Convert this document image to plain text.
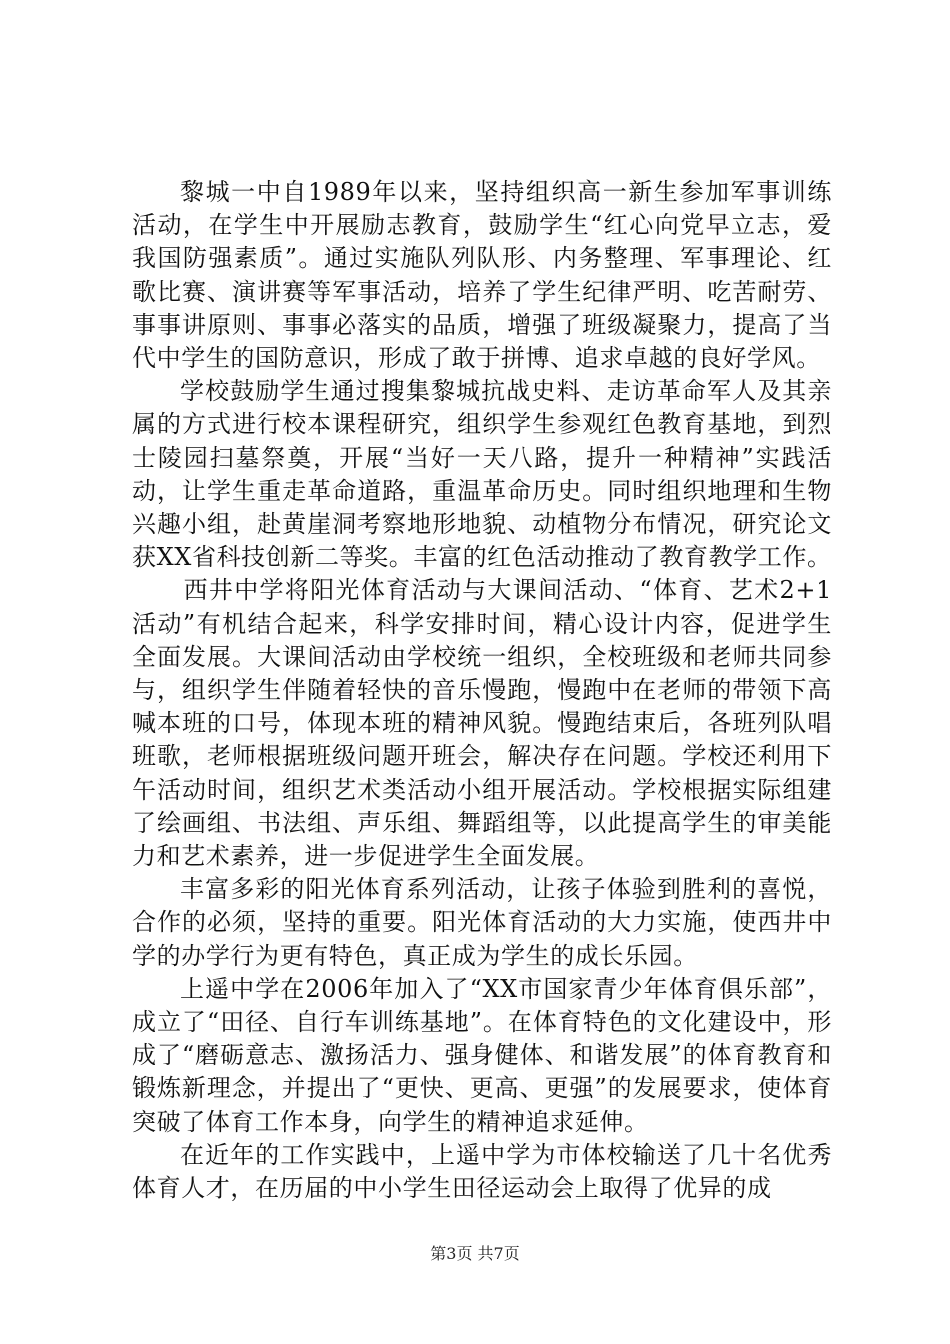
黎城一中自1989年以来，坚持组织高一新生参加军事训练活动，在学生中开展励志教育，鼓励学生“红心向党早立志，爱我国防强素质”。通过实施队列队形、内务整理、军事理论、红歌比赛、演讲赛等军事活动，培养了学生纪律严明、吃苦耐劳、事事讲原则、事事必落实的品质，增强了班级凝聚力，提高了当代中学生的国防意识，形成了敢于拼博、追求卓越的良好学风。

学校鼓励学生通过搜集黎城抗战史料、走访革命军人及其亲属的方式进行校本课程研究，组织学生参观红色教育基地，到烈士陵园扫墓祭奠，开展“当好一天八路，提升一种精神”实践活动，让学生重走革命道路，重温革命历史。同时组织地理和生物兴趣小组，赴黄崖洞考察地形地貌、动植物分布情况，研究论文获XX省科技创新二等奖。丰富的红色活动推动了教育教学工作。

西井中学将阳光体育活动与大课间活动、“体育、艺术2+1活动”有机结合起来，科学安排时间，精心设计内容，促进学生全面发展。大课间活动由学校统一组织，全校班级和老师共同参与，组织学生伴随着轻快的音乐慢跑，慢跑中在老师的带领下高喊本班的口号，体现本班的精神风貌。慢跑结束后，各班列队唱班歌，老师根据班级问题开班会，解决存在问题。学校还利用下午活动时间，组织艺术类活动小组开展活动。学校根据实际组建了绘画组、书法组、声乐组、舞蹈组等，以此提高学生的审美能力和艺术素养，进一步促进学生全面发展。

丰富多彩的阳光体育系列活动，让孩子体验到胜利的喜悦，合作的必须，坚持的重要。阳光体育活动的大力实施，使西井中学的办学行为更有特色，真正成为学生的成长乐园。

上遥中学在2006年加入了“XX市国家青少年体育俱乐部”，成立了“田径、自行车训练基地”。在体育特色的文化建设中，形成了“磨砺意志、激扬活力、强身健体、和谐发展”的体育教育和锻炼新理念，并提出了“更快、更高、更强”的发展要求，使体育突破了体育工作本身，向学生的精神追求延伸。

在近年的工作实践中，上遥中学为市体校输送了几十名优秀体育人才，在历届的中小学生田径运动会上取得了优异的成

第3页 共7页
